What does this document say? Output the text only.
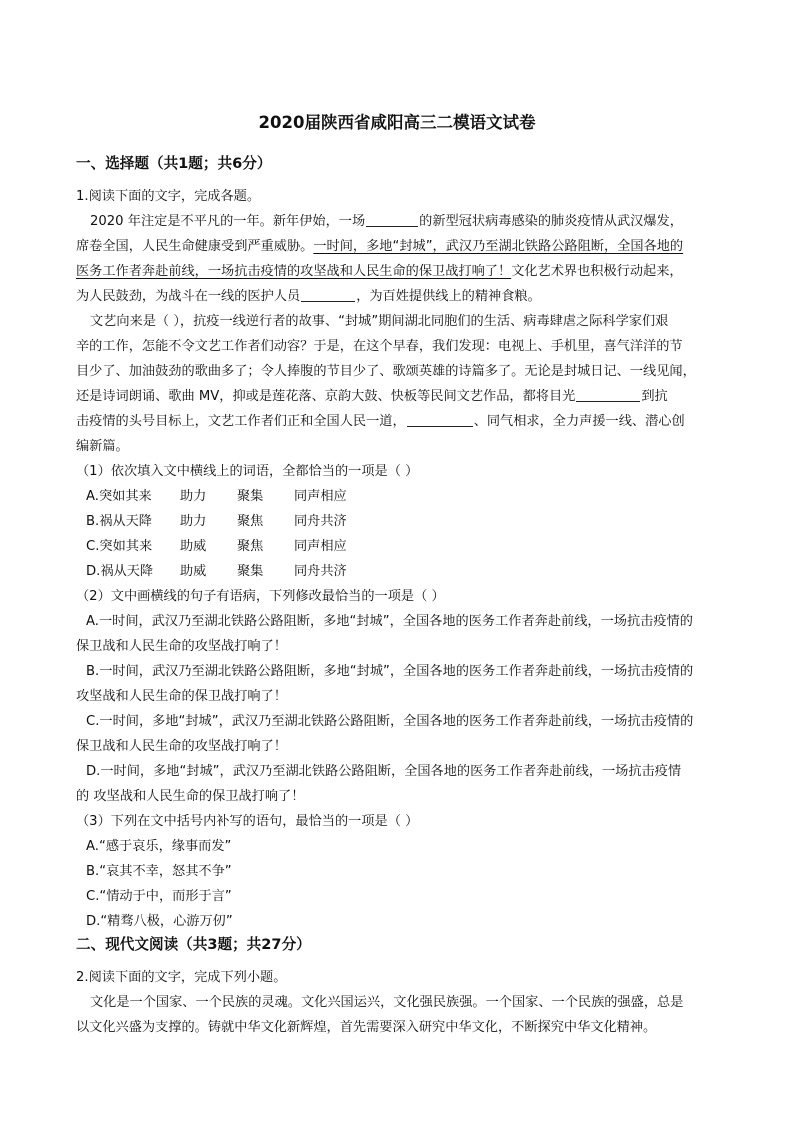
2020届陕西省咸阳高三二模语文试卷
一、选择题（共1题；共6分）
1.阅读下面的文字，完成各题。
2020 年注定是不平凡的一年。新年伊始，一场	的新型冠状病毒感染的肺炎疫情从武汉爆发，
席卷全国，人民生命健康受到严重威胁。一时间，多地“封城”，武汉乃至湖北铁路公路阻断，全国各地的
医务工作者奔赴前线，一场抗击疫情的攻坚战和人民生命的保卫战打响了！文化艺术界也积极行动起来，
为人民鼓劲，为战斗在一线的医护人员	，为百姓提供线上的精神食粮。
文艺向来是（ ），抗疫一线逆行者的故事、“封城”期间湖北同胞们的生活、病毒肆虐之际科学家们艰
辛的工作，怎能不令文艺工作者们动容？于是，在这个早春，我们发现：电视上、手机里，喜气洋洋的节
目少了、加油鼓劲的歌曲多了；令人捧腹的节目少了、歌颂英雄的诗篇多了。无论是封城日记、一线见闻，
还是诗词朗诵、歌曲 MV，抑或是莲花落、京韵大鼓、快板等民间文艺作品，都将目光	到抗
击疫情的头号目标上，文艺工作者们正和全国人民一道，	、同气相求，全力声援一线、潜心创
编新篇。
（1）依次填入文中横线上的词语，全都恰当的一项是（ ）
A.突如其来 助力 聚集 同声相应
B.祸从天降 助力 聚焦 同舟共济
C.突如其来 助威 聚焦 同声相应
D.祸从天降 助威 聚集 同舟共济
（2）文中画横线的句子有语病，下列修改最恰当的一项是（ ）
A.一时间，武汉乃至湖北铁路公路阻断，多地“封城”，全国各地的医务工作者奔赴前线，一场抗击疫情的
保卫战和人民生命的攻坚战打响了！
B.一时间，武汉乃至湖北铁路公路阻断，多地“封城”，全国各地的医务工作者奔赴前线，一场抗击疫情的
攻坚战和人民生命的保卫战打响了！
C.一时间，多地“封城”，武汉乃至湖北铁路公路阻断，全国各地的医务工作者奔赴前线，一场抗击疫情的
保卫战和人民生命的攻坚战打响了！
D.一时间，多地“封城”，武汉乃至湖北铁路公路阻断，全国各地的医务工作者奔赴前线，一场抗击疫情
的 攻坚战和人民生命的保卫战打响了！
（3）下列在文中括号内补写的语句，最恰当的一项是（ ）
A.“感于哀乐，缘事而发”
B.“哀其不幸，怒其不争”
C.“情动于中，而形于言”
D.“精骛八极，心游万仞”
二、现代文阅读（共3题；共27分）
2.阅读下面的文字，完成下列小题。
文化是一个国家、一个民族的灵魂。文化兴国运兴，文化强民族强。一个国家、一个民族的强盛，总是
以文化兴盛为支撑的。铸就中华文化新辉煌，首先需要深入研究中华文化，不断探究中华文化精神。
